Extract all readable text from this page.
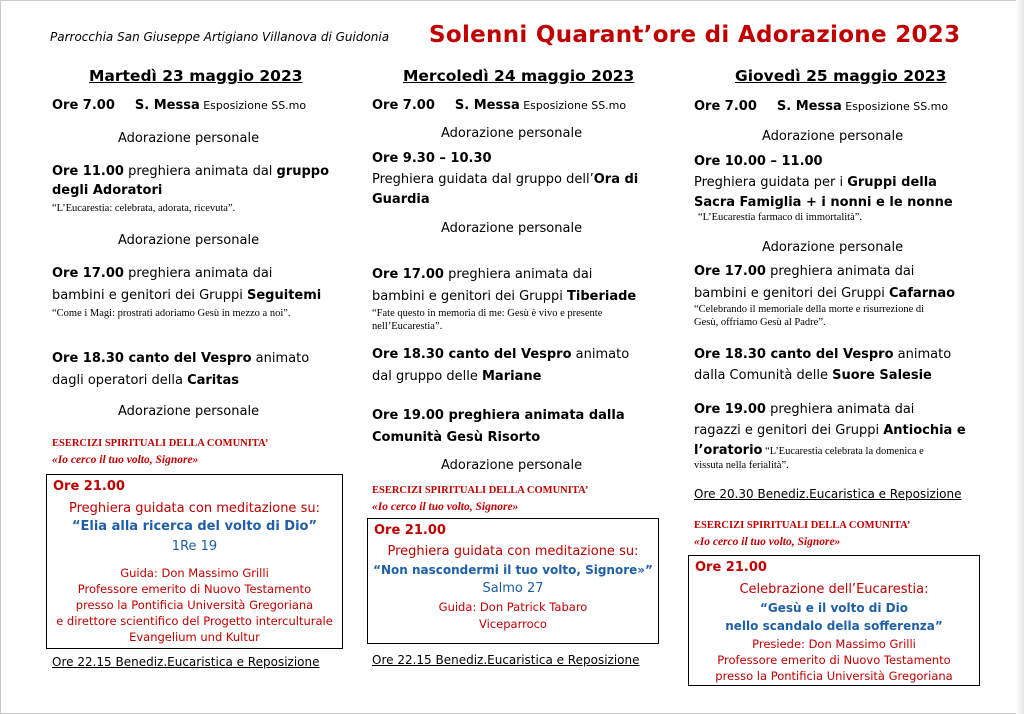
Parrocchia San Giuseppe Artigiano Villanova di Guidonia Solenni Quarant’ore di Adorazione 2023
Martedì 23 maggio 2023
Ore 7.00 S. Messa Esposizione SS.mo
Adorazione personale
Ore 11.00 preghiera animata dal gruppo
degli Adoratori
“L’Eucarestia: celebrata, adorata, ricevuta”.
Adorazione personale
Ore 17.00 preghiera animata dai
bambini e genitori dei Gruppi Seguitemi
“Come i Magi: prostrati adoriamo Gesù in mezzo a noi”.
Ore 18.30 canto del Vespro animato
dagli operatori della Caritas
Adorazione personale
ESERCIZI SPIRITUALI DELLA COMUNITA’
«Io cerco il tuo volto, Signore»
Ore 21.00
Preghiera guidata con meditazione su:
“Elia alla ricerca del volto di Dio”
1Re 19
Guida: Don Massimo Grilli
Professore emerito di Nuovo Testamento
presso la Pontificia Università Gregoriana
e direttore scientifico del Progetto interculturale
Evangelium und Kultur
Ore 22.15 Benediz.Eucaristica e Reposizione
Mercoledì 24 maggio 2023
Ore 7.00 S. Messa Esposizione SS.mo
Adorazione personale
Ore 9.30 – 10.30
Preghiera guidata dal gruppo dell’Ora di
Guardia
Adorazione personale
Ore 17.00 preghiera animata dai
bambini e genitori dei Gruppi Tiberiade
“Fate questo in memoria di me: Gesù è vivo e presente
nell’Eucarestia”.
Ore 18.30 canto del Vespro animato
dal gruppo delle Mariane
Ore 19.00 preghiera animata dalla
Comunità Gesù Risorto
Adorazione personale
ESERCIZI SPIRITUALI DELLA COMUNITA’
«Io cerco il tuo volto, Signore»
Ore 21.00
Preghiera guidata con meditazione su:
“Non nascondermi il tuo volto, Signore»”
Salmo 27
Guida: Don Patrick Tabaro
Viceparroco
Ore 22.15 Benediz.Eucaristica e Reposizione
Giovedì 25 maggio 2023
Ore 7.00 S. Messa Esposizione SS.mo
Adorazione personale
Ore 10.00 – 11.00
Preghiera guidata per i Gruppi della
Sacra Famiglia + i nonni e le nonne
“L’Eucarestia farmaco di immortalità”.
Adorazione personale
Ore 17.00 preghiera animata dai
bambini e genitori dei Gruppi Cafarnao
“Celebrando il memoriale della morte e risurrezione di
Gesù, offriamo Gesù al Padre”.
Ore 18.30 canto del Vespro animato
dalla Comunità delle Suore Salesie
Ore 19.00 preghiera animata dai
ragazzi e genitori dei Gruppi Antiochia e
l’oratorio “L’Eucarestia celebrata la domenica e
vissuta nella ferialità”.
Ore 20.30 Benediz.Eucaristica e Reposizione
ESERCIZI SPIRITUALI DELLA COMUNITA’
«Io cerco il tuo volto, Signore»
Ore 21.00
Celebrazione dell’Eucarestia:
“Gesù e il volto di Dio
nello scandalo della sofferenza”
Presiede: Don Massimo Grilli
Professore emerito di Nuovo Testamento
presso la Pontificia Università Gregoriana
